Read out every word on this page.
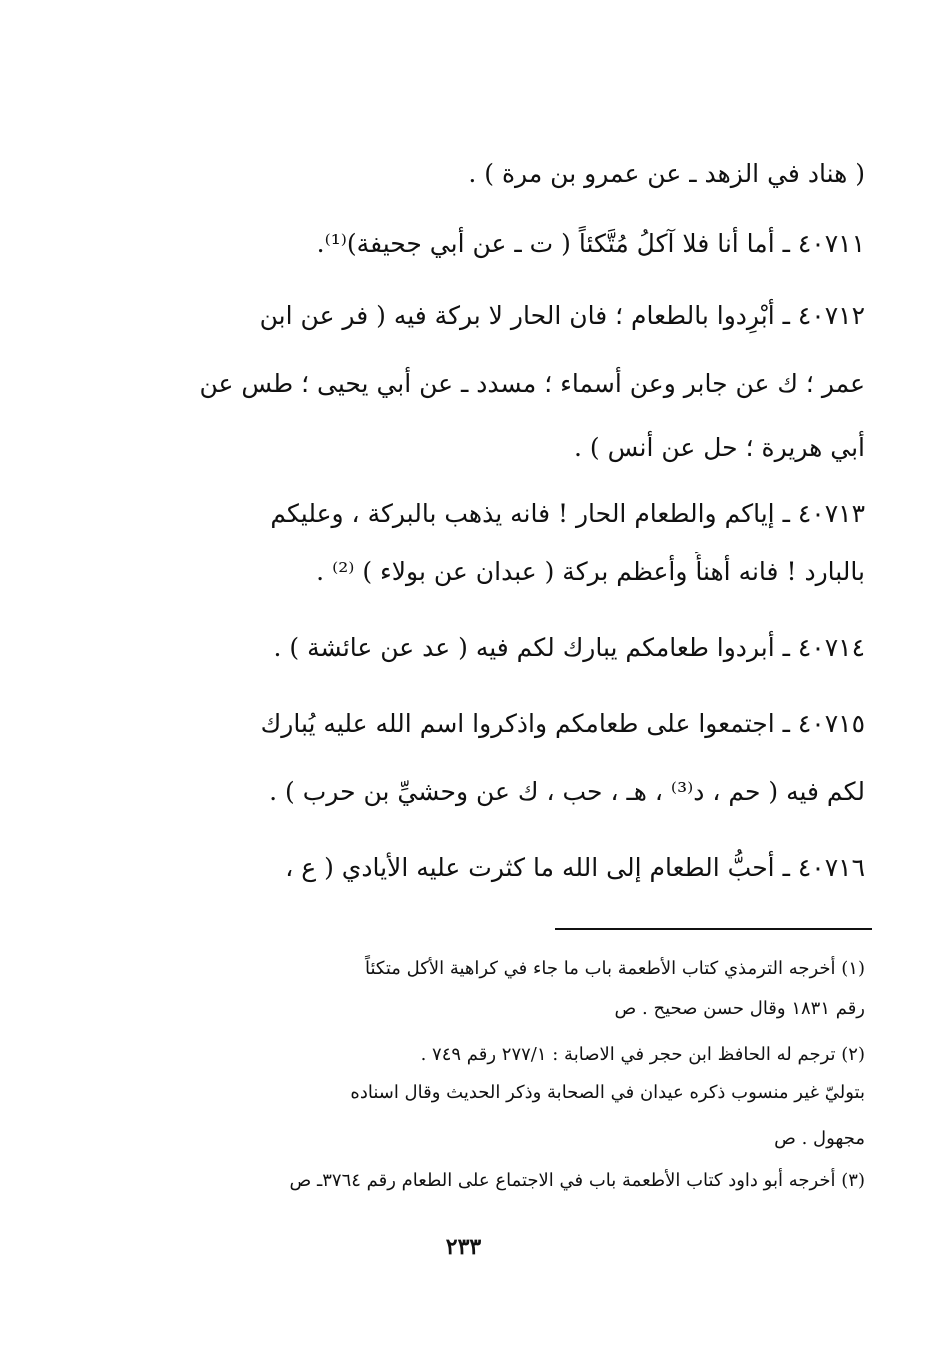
( هناد في الزهد ـ عن عمرو بن مرة ) .
٤٠٧١١ ـ أما أنا فلا آكلُ مُتَّكئاً ( ت ـ عن أبي جحيفة)⁽¹⁾.
٤٠٧١٢ ـ أبْرِدوا بالطعام ؛ فان الحار لا بركة فيه ( فر عن ابن
عمر ؛ ك عن جابر وعن أسماء ؛ مسدد ـ عن أبي يحيى ؛ طس عن
أبي هريرة ؛ حل عن أنس ) .
٤٠٧١٣ ـ إياكم والطعام الحار ! فانه يذهب بالبركة ، وعليكم
بالبارد ! فانه أهنأُ وأعظم بركة ( عبدان عن بولاء ) ⁽²⁾ .
٤٠٧١٤ ـ أبردوا طعامكم يبارك لكم فيه ( عد عن عائشة ) .
٤٠٧١٥ ـ اجتمعوا على طعامكم واذكروا اسم الله عليه يُبارك
لكم فيه ( حم ، د⁽³⁾ ، هـ ، حب ، ك عن وحشيِّ بن حرب ) .
٤٠٧١٦ ـ أحبُّ الطعام إلى الله ما كثرت عليه الأيادي ( ع ،
(١) أخرجه الترمذي كتاب الأطعمة باب ما جاء في كراهية الأكل متكئاً
رقم ١٨٣١ وقال حسن صحيح . ص
(٢) ترجم له الحافظ ابن حجر في الاصابة : ٢٧٧/١ رقم ٧٤٩ .
بتوليّ غير منسوب ذكره عيدان في الصحابة وذكر الحديث وقال اسناده
مجهول . ص
(٣) أخرجه أبو داود كتاب الأطعمة باب في الاجتماع على الطعام رقم ٣٧٦٤ـ ص
٢٣٣
